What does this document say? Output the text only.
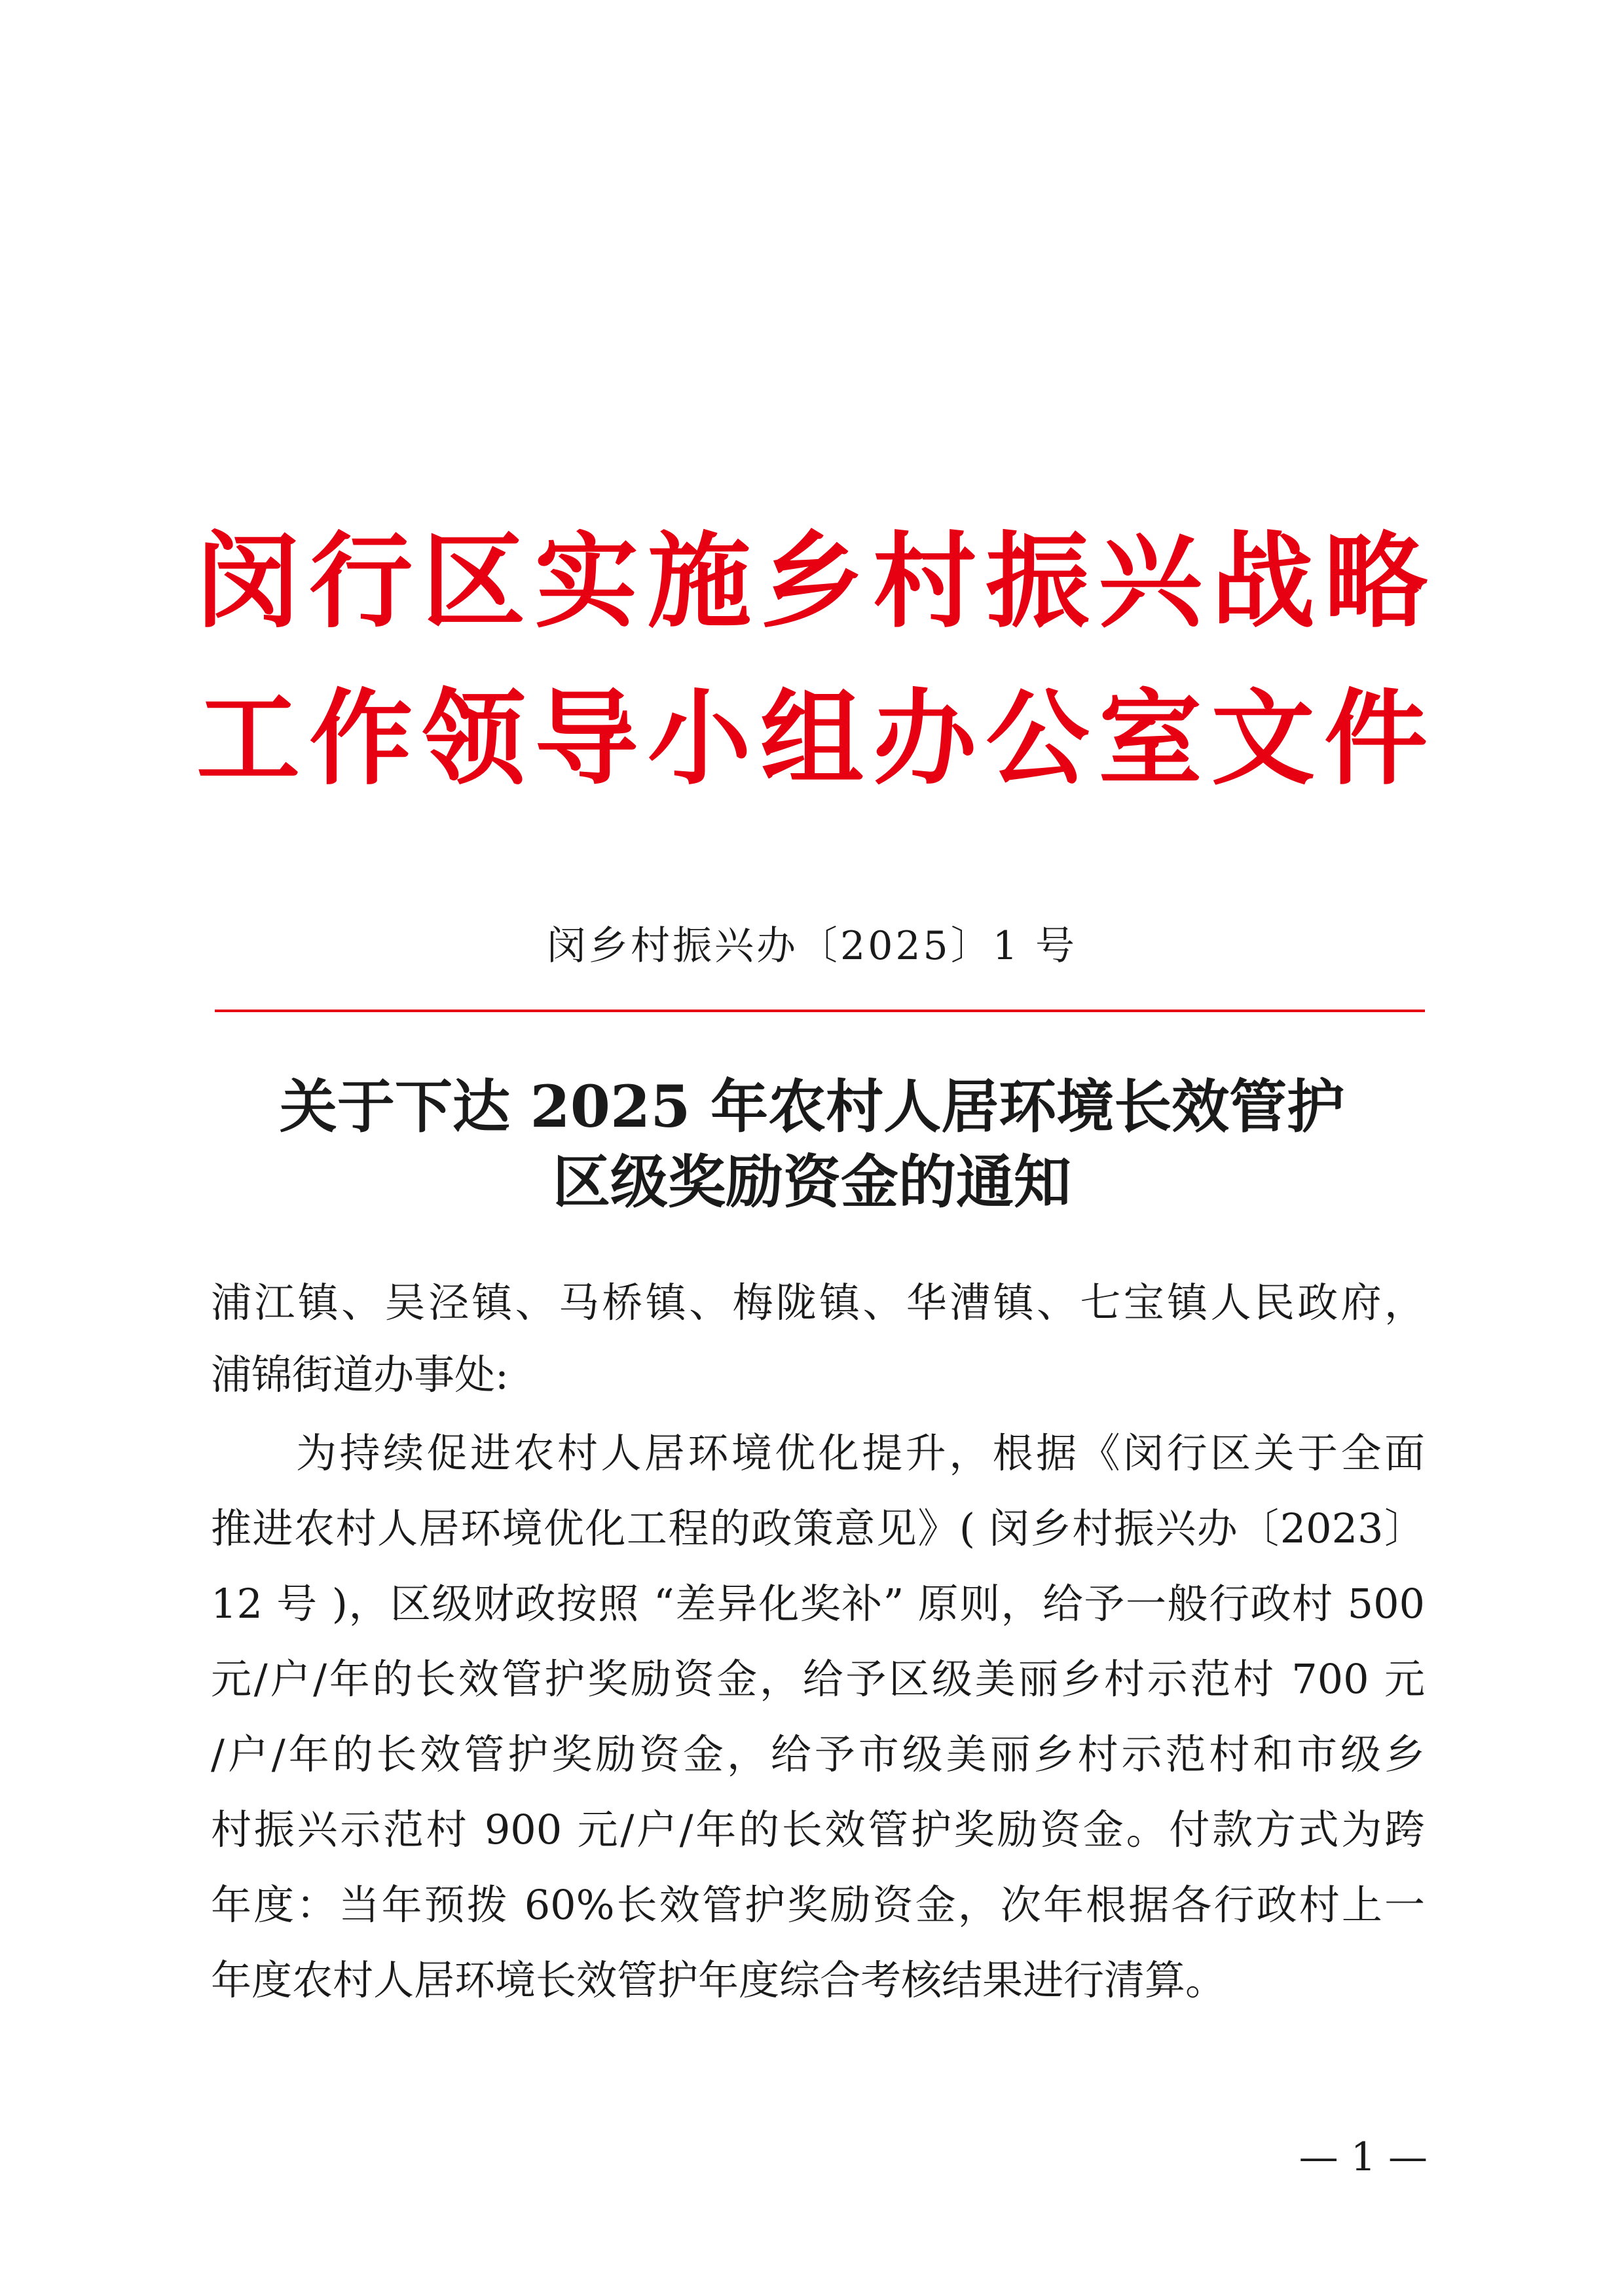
闵行区实施乡村振兴战略
工作领导小组办公室文件
闵乡村振兴办〔2025〕1 号
关于下达 2025 年农村人居环境长效管护
区级奖励资金的通知
浦江镇、吴泾镇、马桥镇、梅陇镇、华漕镇、七宝镇人民政府，
浦锦街道办事处:
为持续促进农村人居环境优化提升，根据《闵行区关于全面
推进农村人居环境优化工程的政策意见》( 闵乡村振兴办〔2023〕
12 号 )，区级财政按照 “差异化奖补” 原则，给予一般行政村 500
元/户/年的长效管护奖励资金，给予区级美丽乡村示范村 700 元
/户/年的长效管护奖励资金，给予市级美丽乡村示范村和市级乡
村振兴示范村 900 元/户/年的长效管护奖励资金。付款方式为跨
年度：当年预拨 60%长效管护奖励资金，次年根据各行政村上一
年度农村人居环境长效管护年度综合考核结果进行清算。
— 1 —
